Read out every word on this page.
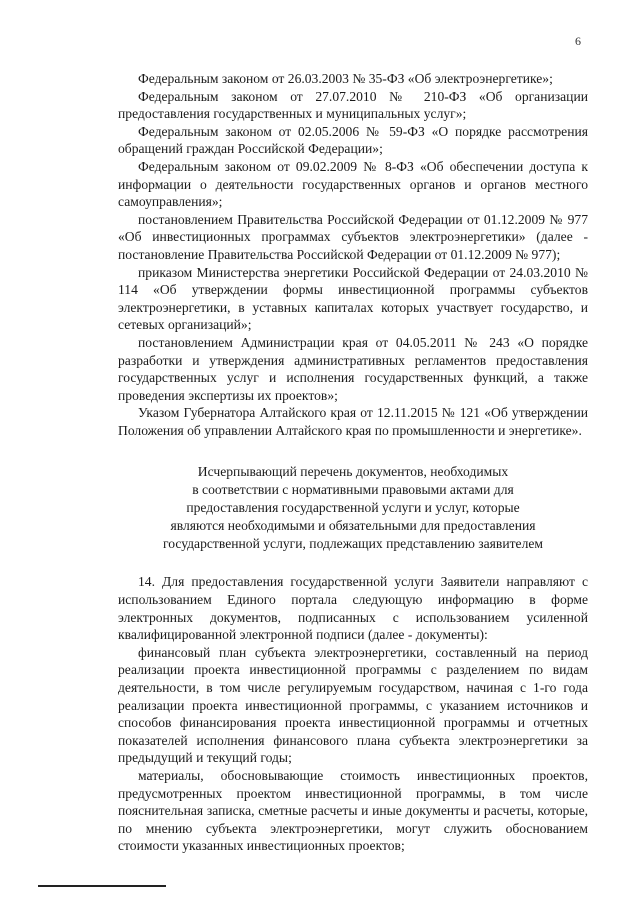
6

Федеральным законом от 26.03.2003 № 35-ФЗ «Об электроэнергетике»;

Федеральным законом от 27.07.2010 № 210-ФЗ «Об организации предоставления государственных и муниципальных услуг»;

Федеральным законом от 02.05.2006 № 59-ФЗ «О порядке рассмотрения обращений граждан Российской Федерации»;

Федеральным законом от 09.02.2009 № 8-ФЗ «Об обеспечении доступа к информации о деятельности государственных органов и органов местного самоуправления»;

постановлением Правительства Российской Федерации от 01.12.2009 № 977 «Об инвестиционных программах субъектов электроэнергетики» (далее - постановление Правительства Российской Федерации от 01.12.2009 № 977);

приказом Министерства энергетики Российской Федерации от 24.03.2010 № 114 «Об утверждении формы инвестиционной программы субъектов электроэнергетики, в уставных капиталах которых участвует государство, и сетевых организаций»;

постановлением Администрации края от 04.05.2011 № 243 «О порядке разработки и утверждения административных регламентов предоставления государственных услуг и исполнения государственных функций, а также проведения экспертизы их проектов»;

Указом Губернатора Алтайского края от 12.11.2015 № 121 «Об утверждении Положения об управлении Алтайского края по промышленности и энергетике».

Исчерпывающий перечень документов, необходимых
в соответствии с нормативными правовыми актами для
предоставления государственной услуги и услуг, которые
являются необходимыми и обязательными для предоставления
государственной услуги, подлежащих представлению заявителем

14. Для предоставления государственной услуги Заявители направляют с использованием Единого портала следующую информацию в форме электронных документов, подписанных с использованием усиленной квалифицированной электронной подписи (далее - документы):

финансовый план субъекта электроэнергетики, составленный на период реализации проекта инвестиционной программы с разделением по видам деятельности, в том числе регулируемым государством, начиная с 1-го года реализации проекта инвестиционной программы, с указанием источников и способов финансирования проекта инвестиционной программы и отчетных показателей исполнения финансового плана субъекта электроэнергетики за предыдущий и текущий годы;

материалы, обосновывающие стоимость инвестиционных проектов, предусмотренных проектом инвестиционной программы, в том числе пояснительная записка, сметные расчеты и иные документы и расчеты, которые, по мнению субъекта электроэнергетики, могут служить обоснованием стоимости указанных инвестиционных проектов;
